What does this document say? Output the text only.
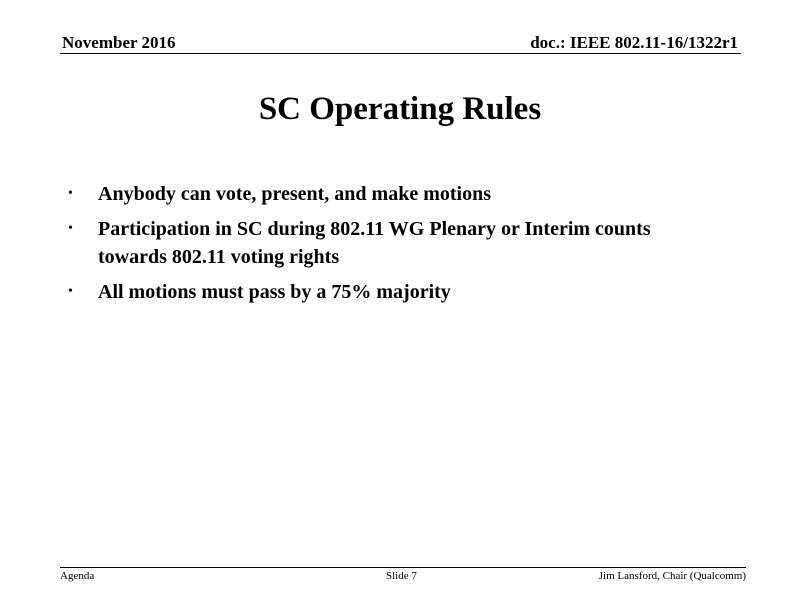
November 2016	doc.: IEEE 802.11-16/1322r1
SC Operating Rules
• Anybody can vote, present, and make motions
• Participation in SC during 802.11 WG Plenary or Interim counts towards 802.11 voting rights
• All motions must pass by a 75% majority
Agenda	Slide 7	Jim Lansford, Chair (Qualcomm)
